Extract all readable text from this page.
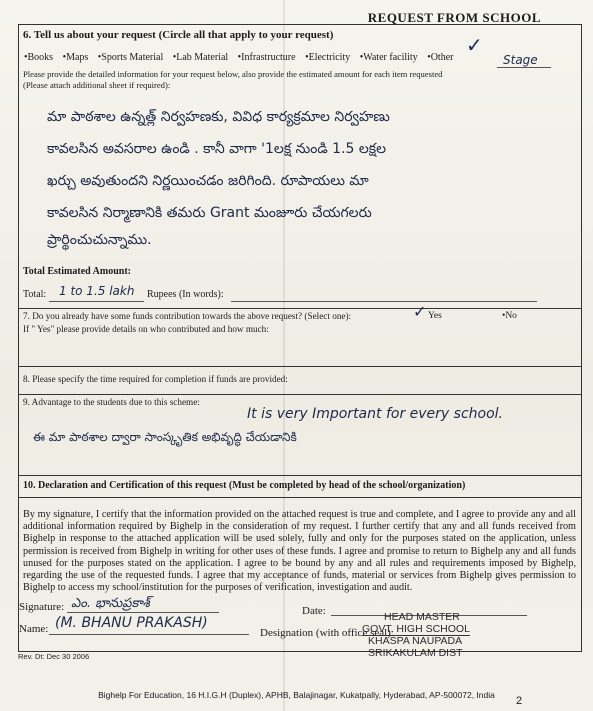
REQUEST FROM SCHOOL
6. Tell us about your request (Circle all that apply to your request)
•Books •Maps •Sports Material •Lab Material •Infrastructure •Electricity •Water facility •Other
✓
Stage
Please provide the detailed information for your request below, also provide the estimated amount for each item requested
(Please attach additional sheet if required):
మా పాఠశాల ఉన్నత్ల్ నిర్వహణకు, వివిధ కార్యక్రమాల నిర్వహణు
కావలసిన అవసరాల ఉండి . కానీ వాగా '1లక్ష నుండి 1.5 లక్షల
ఖర్చు అవుతుందని నిర్ణయించడం జరిగింది. రూపాయలు మా
కావలసిన నిర్మాణానికి తమరు Grant మంజూరు చేయగలరు
ప్రార్థించుచున్నాము.
Total Estimated Amount:
Total: 1 to 1.5 lakh Rupees (In words):
7. Do you already have some funds contribution towards the above request? (Select one):	✓ Yes	•No
If " Yes" please provide details on who contributed and how much:
8. Please specify the time required for completion if funds are provided:
9. Advantage to the students due to this scheme:
It is very Important for every school.
ఈ మా పాఠశాల ద్వారా సాంస్కృతిక అభివృద్ధి చేయడానికి
10. Declaration and Certification of this request (Must be completed by head of the school/organization)
By my signature, I certify that the information provided on the attached request is true and complete, and I agree to provide any and all additional information required by Bighelp in the consideration of my request. I further certify that any and all funds received from Bighelp in response to the attached application will be used solely, fully and only for the purposes stated on the application, unless permission is received from Bighelp in writing for other uses of these funds. I agree and promise to return to Bighelp any and all funds unused for the purposes stated on the application. I agree to be bound by any and all rules and requirements imposed by Bighelp, regarding the use of the requested funds. I agree that my acceptance of funds, material or services from Bighelp gives permission to Bighelp to access my school/institution for the purposes of verification, investigation and audit.
Signature: ఎం. భానుప్రకాశ్	Date:
Name: (M. BHANU PRAKASH)
Designation (with office seal):
HEAD MASTER
GOVT. HIGH SCHOOL
KHASPA NAUPADA
SRIKAKULAM DIST
Rev. Dt: Dec 30 2006
Bighelp For Education, 16 H.I.G.H (Duplex), APHB, Balajinagar, Kukatpally, Hyderabad, AP-500072, India	2
